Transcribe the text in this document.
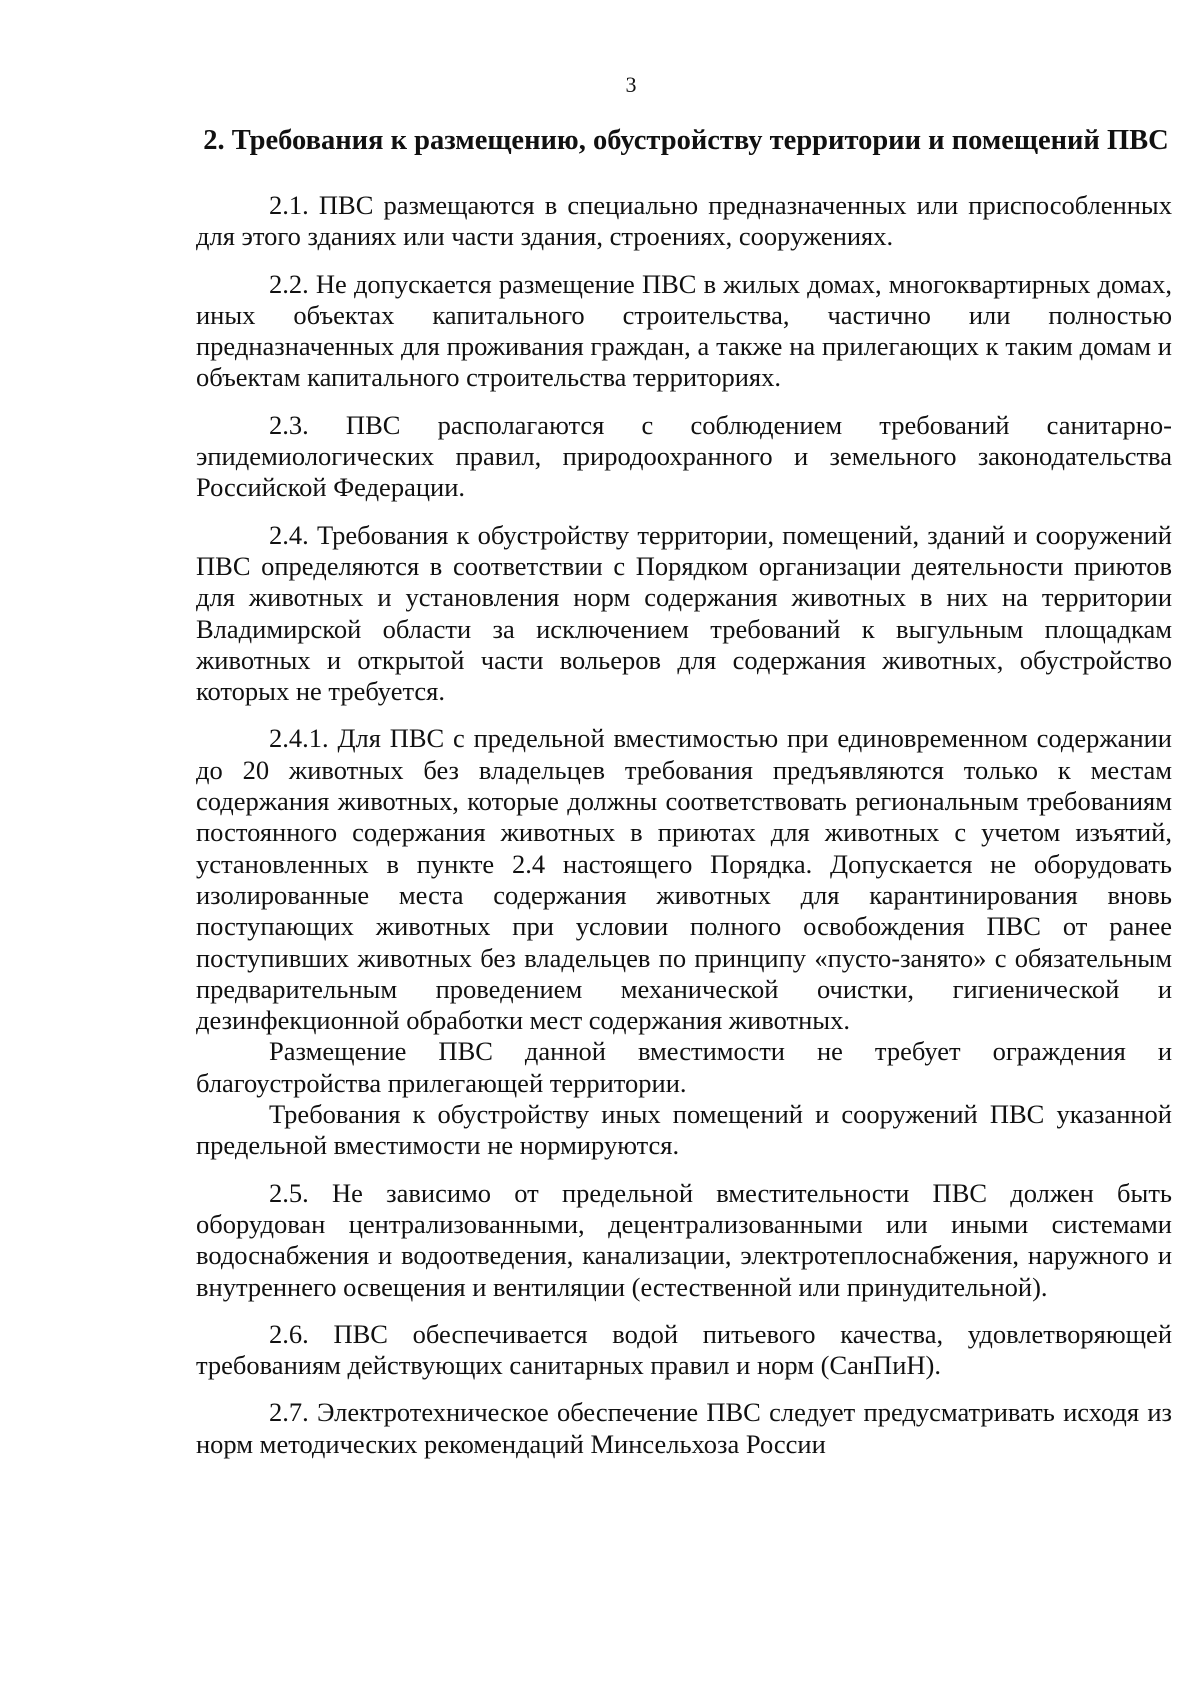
3
2. Требования к размещению, обустройству территории и помещений ПВС

2.1. ПВС размещаются в специально предназначенных или приспособленных для этого зданиях или части здания, строениях, сооружениях.

2.2. Не допускается размещение ПВС в жилых домах, многоквартирных домах, иных объектах капитального строительства, частично или полностью предназначенных для проживания граждан, а также на прилегающих к таким домам и объектам капитального строительства территориях.

2.3. ПВС располагаются с соблюдением требований санитарно-эпидемиологических правил, природоохранного и земельного законодательства Российской Федерации.

2.4. Требования к обустройству территории, помещений, зданий и сооружений ПВС определяются в соответствии с Порядком организации деятельности приютов для животных и установления норм содержания животных в них на территории Владимирской области за исключением требований к выгульным площадкам животных и открытой части вольеров для содержания животных, обустройство которых не требуется.

2.4.1. Для ПВС с предельной вместимостью при единовременном содержании до 20 животных без владельцев требования предъявляются только к местам содержания животных, которые должны соответствовать региональным требованиям постоянного содержания животных в приютах для животных с учетом изъятий, установленных в пункте 2.4 настоящего Порядка. Допускается не оборудовать изолированные места содержания животных для карантинирования вновь поступающих животных при условии полного освобождения ПВС от ранее поступивших животных без владельцев по принципу «пусто-занято» с обязательным предварительным проведением механической очистки, гигиенической и дезинфекционной обработки мест содержания животных.

Размещение ПВС данной вместимости не требует ограждения и благоустройства прилегающей территории.

Требования к обустройству иных помещений и сооружений ПВС указанной предельной вместимости не нормируются.

2.5. Не зависимо от предельной вместительности ПВС должен быть оборудован централизованными, децентрализованными или иными системами водоснабжения и водоотведения, канализации, электротеплоснабжения, наружного и внутреннего освещения и вентиляции (естественной или принудительной).

2.6. ПВС обеспечивается водой питьевого качества, удовлетворяющей требованиям действующих санитарных правил и норм (СанПиН).

2.7. Электротехническое обеспечение ПВС следует предусматривать исходя из норм методических рекомендаций Минсельхоза России
